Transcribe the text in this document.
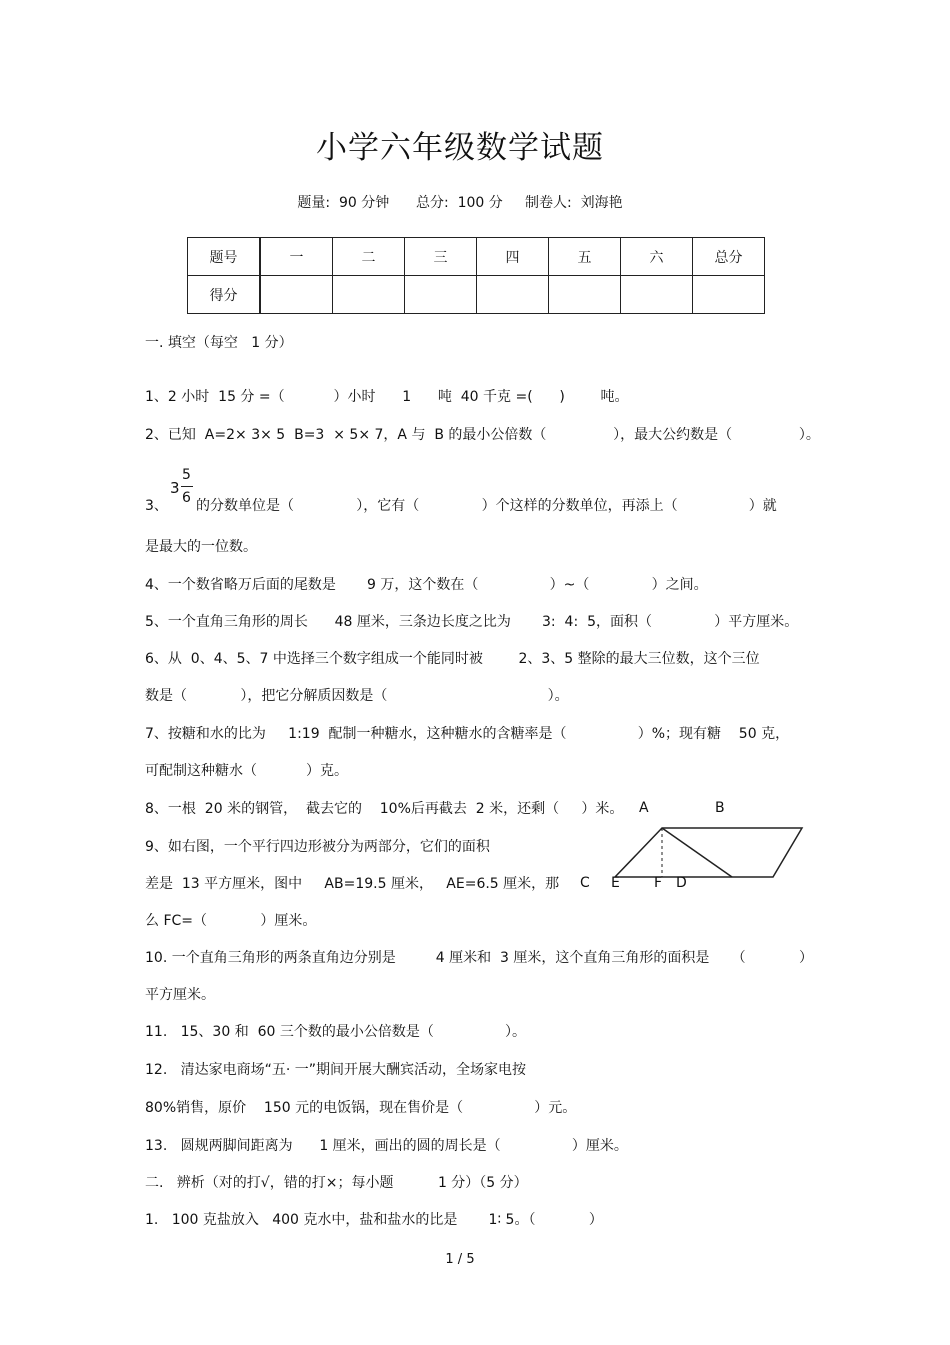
小学六年级数学试题
题量:  90 分钟      总分:  100 分     制卷人:  刘海艳
题号	一	二	三	四	五	六	总分
得分							
一. 填空（每空   1 分）
1、2 小时  15 分 =（           ）小时      1      吨  40 千克 =(      )        吨。
2、已知  A=2× 3× 5  B=3  × 5× 7，A 与  B 的最小公倍数（               ），最大公约数是（               ）。
3
5
6
3、 的分数单位是（              ），它有（              ）个这样的分数单位，再添上（                ）就
是最大的一位数。
4、一个数省略万后面的尾数是       9 万，这个数在（                ）~（              ）之间。
5、一个直角三角形的周长      48 厘米，三条边长度之比为       3:  4:  5，面积（              ）平方厘米。
6、从  0、4、5、7 中选择三个数字组成一个能同时被        2、3、5 整除的最大三位数，这个三位
数是（            ），把它分解质因数是（                                    ）。
7、按糖和水的比为     1:19  配制一种糖水，这种糖水的含糖率是（                ）%；现有糖    50 克，
可配制这种糖水（           ）克。
8、一根  20 米的钢管，  截去它的    10%后再截去  2 米，还剩（     ）米。
9、如右图，一个平行四边形被分为两部分，它们的面积
差是  13 平方厘米，图中     AB=19.5 厘米，   AE=6.5 厘米，那
么 FC=（            ）厘米。
A	B
C E F D
10. 一个直角三角形的两条直角边分别是         4 厘米和  3 厘米，这个直角三角形的面积是     （            ）
平方厘米。
11.   15、30 和  60 三个数的最小公倍数是（                ）。
12.   清达家电商场“五· 一”期间开展大酬宾活动，全场家电按
80%销售，原价    150 元的电饭锅，现在售价是（                ）元。
13.   圆规两脚间距离为      1 厘米，画出的圆的周长是（                ）厘米。
二.   辨析（对的打√，错的打×；每小题          1 分）（5 分）
1.   100 克盐放入   400 克水中，盐和盐水的比是       1∶ 5。（            ）
1 / 5
